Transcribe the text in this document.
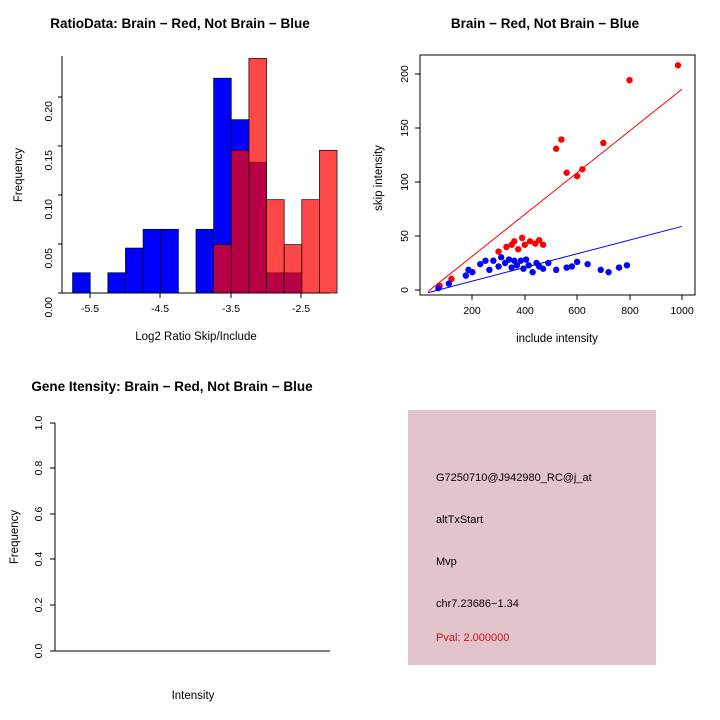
RatioData: Brain − Red, Not Brain − Blue
0.00
0.05
0.10
0.15
0.20
-5.5	-4.5	-3.5	-2.5
Log2 Ratio Skip/Include
Frequency
Brain − Red, Not Brain − Blue
0
50
100
150
200
200	400	600	800	1000
include intensity
skip intensity
Gene Itensity: Brain − Red, Not Brain − Blue
0.0
0.2
0.4
0.6
0.8
1.0
Intensity
Frequency
G7250710@J942980_RC@j_at
altTxStart
Mvp
chr7.23686−1.34
Pval: 2.000000
